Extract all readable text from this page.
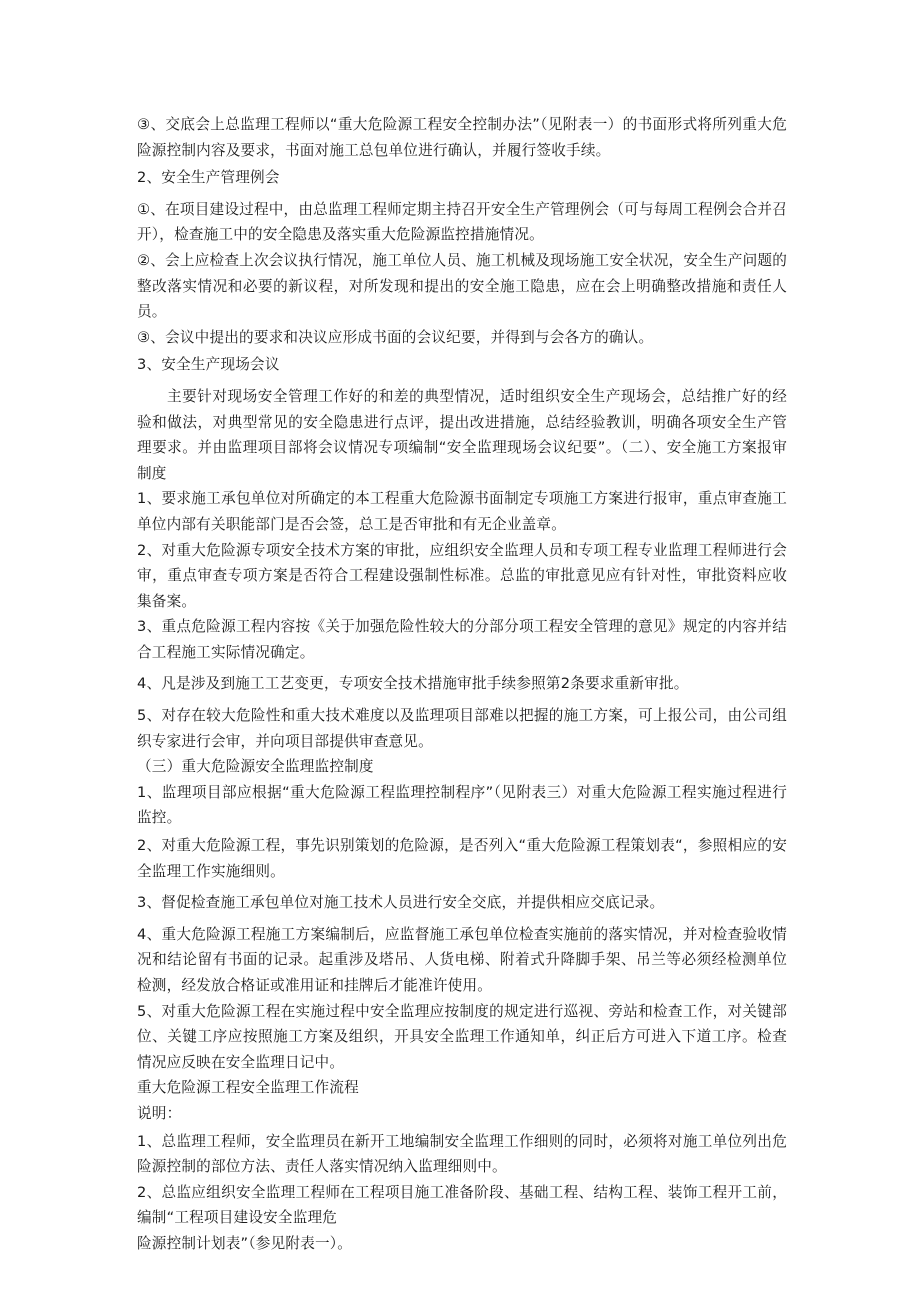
③、交底会上总监理工程师以“重大危险源工程安全控制办法”（见附表一）的书面形式将所列重大危险源控制内容及要求，书面对施工总包单位进行确认，并履行签收手续。

2、安全生产管理例会

①、在项目建设过程中，由总监理工程师定期主持召开安全生产管理例会（可与每周工程例会合并召开），检查施工中的安全隐患及落实重大危险源监控措施情况。

②、会上应检查上次会议执行情况，施工单位人员、施工机械及现场施工安全状况，安全生产问题的整改落实情况和必要的新议程，对所发现和提出的安全施工隐患，应在会上明确整改措施和责任人员。

③、会议中提出的要求和决议应形成书面的会议纪要，并得到与会各方的确认。

3、安全生产现场会议

主要针对现场安全管理工作好的和差的典型情况，适时组织安全生产现场会，总结推广好的经验和做法，对典型常见的安全隐患进行点评，提出改进措施，总结经验教训，明确各项安全生产管理要求。并由监理项目部将会议情况专项编制“安全监理现场会议纪要”。（二）、安全施工方案报审制度

1、要求施工承包单位对所确定的本工程重大危险源书面制定专项施工方案进行报审，重点审查施工单位内部有关职能部门是否会签，总工是否审批和有无企业盖章。

2、对重大危险源专项安全技术方案的审批，应组织安全监理人员和专项工程专业监理工程师进行会审，重点审查专项方案是否符合工程建设强制性标准。总监的审批意见应有针对性，审批资料应收集备案。

3、重点危险源工程内容按《关于加强危险性较大的分部分项工程安全管理的意见》规定的内容并结合工程施工实际情况确定。

4、凡是涉及到施工工艺变更，专项安全技术措施审批手续参照第2条要求重新审批。

5、对存在较大危险性和重大技术难度以及监理项目部难以把握的施工方案，可上报公司，由公司组织专家进行会审，并向项目部提供审查意见。

（三）重大危险源安全监理监控制度

1、监理项目部应根据“重大危险源工程监理控制程序”（见附表三）对重大危险源工程实施过程进行监控。

2、对重大危险源工程，事先识别策划的危险源，是否列入“重大危险源工程策划表“，参照相应的安全监理工作实施细则。

3、督促检查施工承包单位对施工技术人员进行安全交底，并提供相应交底记录。

4、重大危险源工程施工方案编制后，应监督施工承包单位检查实施前的落实情况，并对检查验收情况和结论留有书面的记录。起重涉及塔吊、人货电梯、附着式升降脚手架、吊兰等必须经检测单位检测，经发放合格证或准用证和挂牌后才能准许使用。

5、对重大危险源工程在实施过程中安全监理应按制度的规定进行巡视、旁站和检查工作，对关键部位、关键工序应按照施工方案及组织，开具安全监理工作通知单，纠正后方可进入下道工序。检查情况应反映在安全监理日记中。

重大危险源工程安全监理工作流程

说明：

1、总监理工程师，安全监理员在新开工地编制安全监理工作细则的同时，必须将对施工单位列出危险源控制的部位方法、责任人落实情况纳入监理细则中。

2、总监应组织安全监理工程师在工程项目施工准备阶段、基础工程、结构工程、装饰工程开工前，编制“工程项目建设安全监理危

险源控制计划表”（参见附表一）。
